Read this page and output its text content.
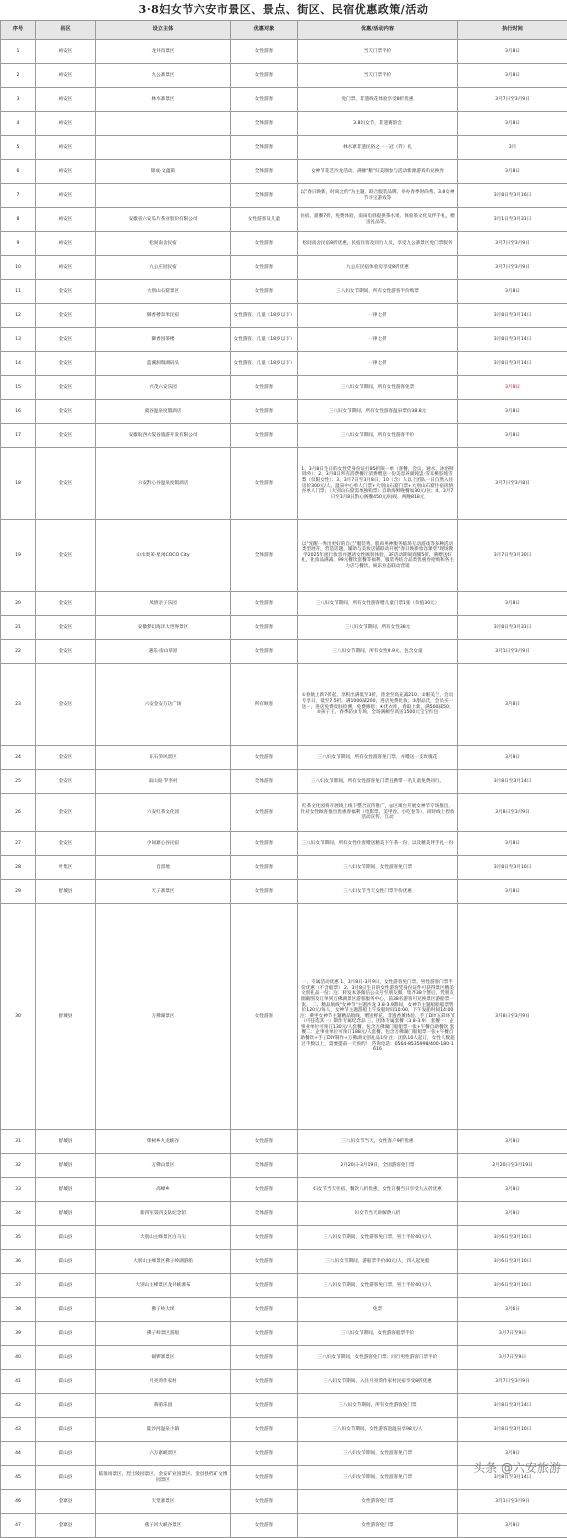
3·8妇女节六安市景区、景点、街区、民宿优惠政策/活动
序号	县区	设立主体	优惠对象	优惠/活动内容	执行时间
1	裕安区	龙井沟景区	女性游客	当天门票半价	3月8日
2	裕安区	九公寨景区	女性游客	当天门票半价	3月8日
3	裕安区	林水寨景区	女性游客	免门票，非遗线花体验享受8折优惠	3月7日至3月9日
4	裕安区		全体游客	3.8妇女节，非遗赛韵会	3月8日
5	裕安区		全体游客	林水寨非遗民俗之一一冠（笄）礼	3月
6	裕安区	锦成·文蕴街	全体游客	女神节花艺沙龙活动、满额"鹅"归美圈参与活动新源游戏币兑换券	3月8日
7	裕安区		全体游客	以"春日焕新，时尚之约"为主题，联合服装品牌，举办春季时尚秀、3.8女神节寻宝游戏等	3月8日至3月16日
8	裕安区	安徽省六安瓜片茶业股份有限公司	女性游客及儿童	住宿、就餐7折，免费体验，南岗电驿提供茶水果、体验茶文化及伴手礼，赠送礼品等。	3月1日至3月31日
9	裕安区	松间南舍民宿	女性游客	松间南舍民宿8折优惠，民宿住客及同行人员，享受九公寨景区免门票服务	3月7日至3月9日
10	裕安区	九公庄园民宿	女性游客	九公庄民宿体验房享受8折优惠	3月7日至3月9日
11	金安区	大别山石窟景区	女性游客	三八妇女节期间，所有女性游客半价购票	3月8日
12	金安区	御香楼奈米民宿	女性游客、儿童（18岁以下）	一律七折	3月8日至3月14日
13	金安区	御香园茶楼	女性游客、儿童（18岁以下）	一律七折	3月8日至3月14日
14	金安区	蓝溪洞瑞湖码头	女性游客、儿童（18岁以下）	一律七折	3月8日至3月14日
15	金安区	兴茂六安乐园	女性游客	三八妇女节期间，所有女性游客免票	3月8日
16	金安区	虞谷温泉度假酒店	女性游客	三八妇女节期间，所有女性游客温泉票价38.8元	3月8日
17	金安区	安徽皖西大裂谷旅游开发有限公司	女性游客	三八妇女节期间，所有女性游客半价	3月8日
18	金安区	六安黔心谷温泉度假酒店	女性游客	1、3月8日生日的女性凭身份证打85折限一单（客餐、会议、通水、沐浴鲜除外）；2、3月8日所有消费餐厅消费赠送一份美容养颜炖盅-雪耳桃胶炖雪梨（仅限女性）；3、3月7日至3月8日，10（含）人以上团队一日自然入住房价300元/人，温泉中心单人门票+大别山石窟门票+大别山石窟住宿风情谷单人门票；（大别山石窟需单独购票）自助海鲜晚餐加30元/位；4、3月7日至3月8日黔心阁餐450元/间夜，两晚818元	3月7日至3月8日
19	金安区	山水奥莱·星闲COCO City	全体游客	以"宠醒一秀出更好的自己"服装秀、肌肉男神服务临场互动游戏等多种活动类型展开，营造话题，辅助与美妆店铺联动开展"春日焕新妆容课堂"现场教学2025年流行妆容并邀请女性顾客体验，3F活动期间商铺5折、满赠送好礼，化妆品满减、99元餐饮套餐等福利，服装秀结合品类优惠券抢购和各主力店与餐饮、娱乐业态联动营销	3月7日至3月30日
20	金安区	凤情亲子乐园	女性游客	三八妇女节期间，所有女性游客赠儿童门票1张（价值30元）	3月8日
21	金安区	安徽梦幻海洋大世界景区	女性游客	三八妇女节期间，所有女性38元	3月8日至3月31日
22	金安区	遇乐·南山草原	女性游客	三八妇女节期间，所有女性9.9元，包含女童	3月1日至3月9日
23	金安区	六安金安万达广场	所有顾客	①春航上新7折起，享积出满低至3折，普金至高充减210；②眼美兰，会员专享日，低至7.5折，满1000减200，进店免费化妆；③甜品氏，会员买一送一，进店免费皮肤检测，免费修眉；④优衣库，春取上新，满500减50；⑤孩子王，春季防虫专场，全场满额至高送1500元宝宝红包	3月8日
24	金安区	东石笋风景区	女性游客	三八妇女节期间，所有女性游客免门票，并赠送一支玫瑰花	3月8日
25	金安区	南山南·罗李村	全体游客	三八妇女节期间，所有女性游客免门票且携带一名儿童免费同行。	3月8日至3月14日
26	金安区	六安红茶文化园	女性游客	红茶文化园将开展线上线下整合宣传推广，◎区寓台开展女神节专场推出，针对女性顾客推出优惠春福利（电影票、美甲卷、小吃卷等），同时线上捏妆活动宣传、互动	3月8日至3月9日
27	金安区	少间寨心谷民宿	女性游客	三八妇女节期间，所有女性住客赠送精美下午茶一份，以及精美伴手礼一份	3月8日
28	叶集区	自留地	女性游客	三八妇女节期间，女性游客免门票	3月8日至3月10日
29	舒城县	天子寨景区	女性游客	三八妇女节当天女性门票半价优惠	3月8日
30	舒城县	万佛湖景区	女性游客	一、专属活动优惠 1、3月8日-3月9日，女性游客免门票，男性游客门票半价优惠（不含船票） 2、3月8日生日的女性游客凭身份证件可获得景区精美文创礼品一份；注：转发本条微信公众号至朋友圈，集齐38个赞后，凭朋友圈截图及订单到万佛湖景区游客服务中心，前38名游客可兑换景区游船票一张。 二、精品航线"女神节"主题沙龙 3.8-3.9期间，女神节主题船船船票售价120元/每人，女神节主题游船上午发船时间10:00，下午发船时间14:00 注：乘坐女神节主题精品航线，赠送鲜花、非遗香薰体验、手工DIY五彩环节（可任选其一）制作专属纪念品 三、团体专属套餐（3.8-3.9） 套餐一：企事业单位可预订130元/人套餐，包含万佛湖门船船票一张+午餐自助餐饮 套餐二：企事业单位可预订188元/人套餐，包含万佛湖门船船票一张+午餐自助餐饮+手工DIY制作+万佛湖文创礼品1份 注：团队10人起订，女性人数超过半数以上，需要提前一天预约！ 咨询电话：0564-8535998/400-180-1616	3月8日至3月9日
31	舒城县	柴树乡九龙峡谷	女性游客	三八妇女节当天，女性客户9折优惠	3月8日
32	舒城县	万佛山景区	全体游客	2月20日-3月19日，全国游客免门票	2月20日至3月19日
33	舒城县	高峰乡	女性游客	妇女节当天住宿、餐饮八折优惠，女性订餐当日享受九五折优惠	3月8日
34	舒城县	新四军第四支队纪念馆	全体游客	妇女节当天讲解费八折	3月8日
35	霍山县	大别山主峰景区白马尖	女性游客	三八妇女节期间，女性游客免门票，男士半价40元/人	3月6日至3月10日
36	霍山县	大别山主峰景区佛子岭湖游船	女性游客	三八妇女节期间，游船票半价40元/人，四人起免船	3月6日至3月10日
37	霍山县	大别山主峰景区龙井峡瀑布	女性游客	三八妇女节期间，女性游客免门票，男士半价40元/人	3月6日至3月10日
38	霍山县	佛子岭大坝	女性游客	免票	3月6日
39	霍山县	佛子岭景区游船	女性游客	三八妇女节期间，女性游客船票半价	3月7日至9日
40	霍山县	铜锣寨景区	女性游客	三八妇女节期间，女性游客免门票；同行男性游客门票半价	3月7日至9日
41	霍山县	月亮湾作家村	女性游客	三八妇女节期间，入住月亮湾作家村民宿享受8折优惠	3月7日至3月9日
42	霍山县	萌萌乐园	女性游客	三八妇女节期间，所有女性游客免门票	3月8日至3月14日
43	霍山县	陡沙河温泉小镇	女性游客	三八妇女节期间，女性游客泡温泉享98元/人	3月8日至3月10日
44	霍山县	六万寨峡景区	女性游客	三八妇女节期间，女性游客免门票	3月8日
45	霍山县	临淮岗景区、烈士陵园景区、金安矿业园景区、金县县档矿文博园景区	女性游客	三八妇女节期间，女性游客免门票	3月8日至3月14日
46	金寨县	天堂寨景区	女性游客	女性游客免门票	3月1日至3月9日
47	金寨县	燕子河大峡谷景区	女性游客	女性游客免门票	3月8日
头条 @六安旅游
